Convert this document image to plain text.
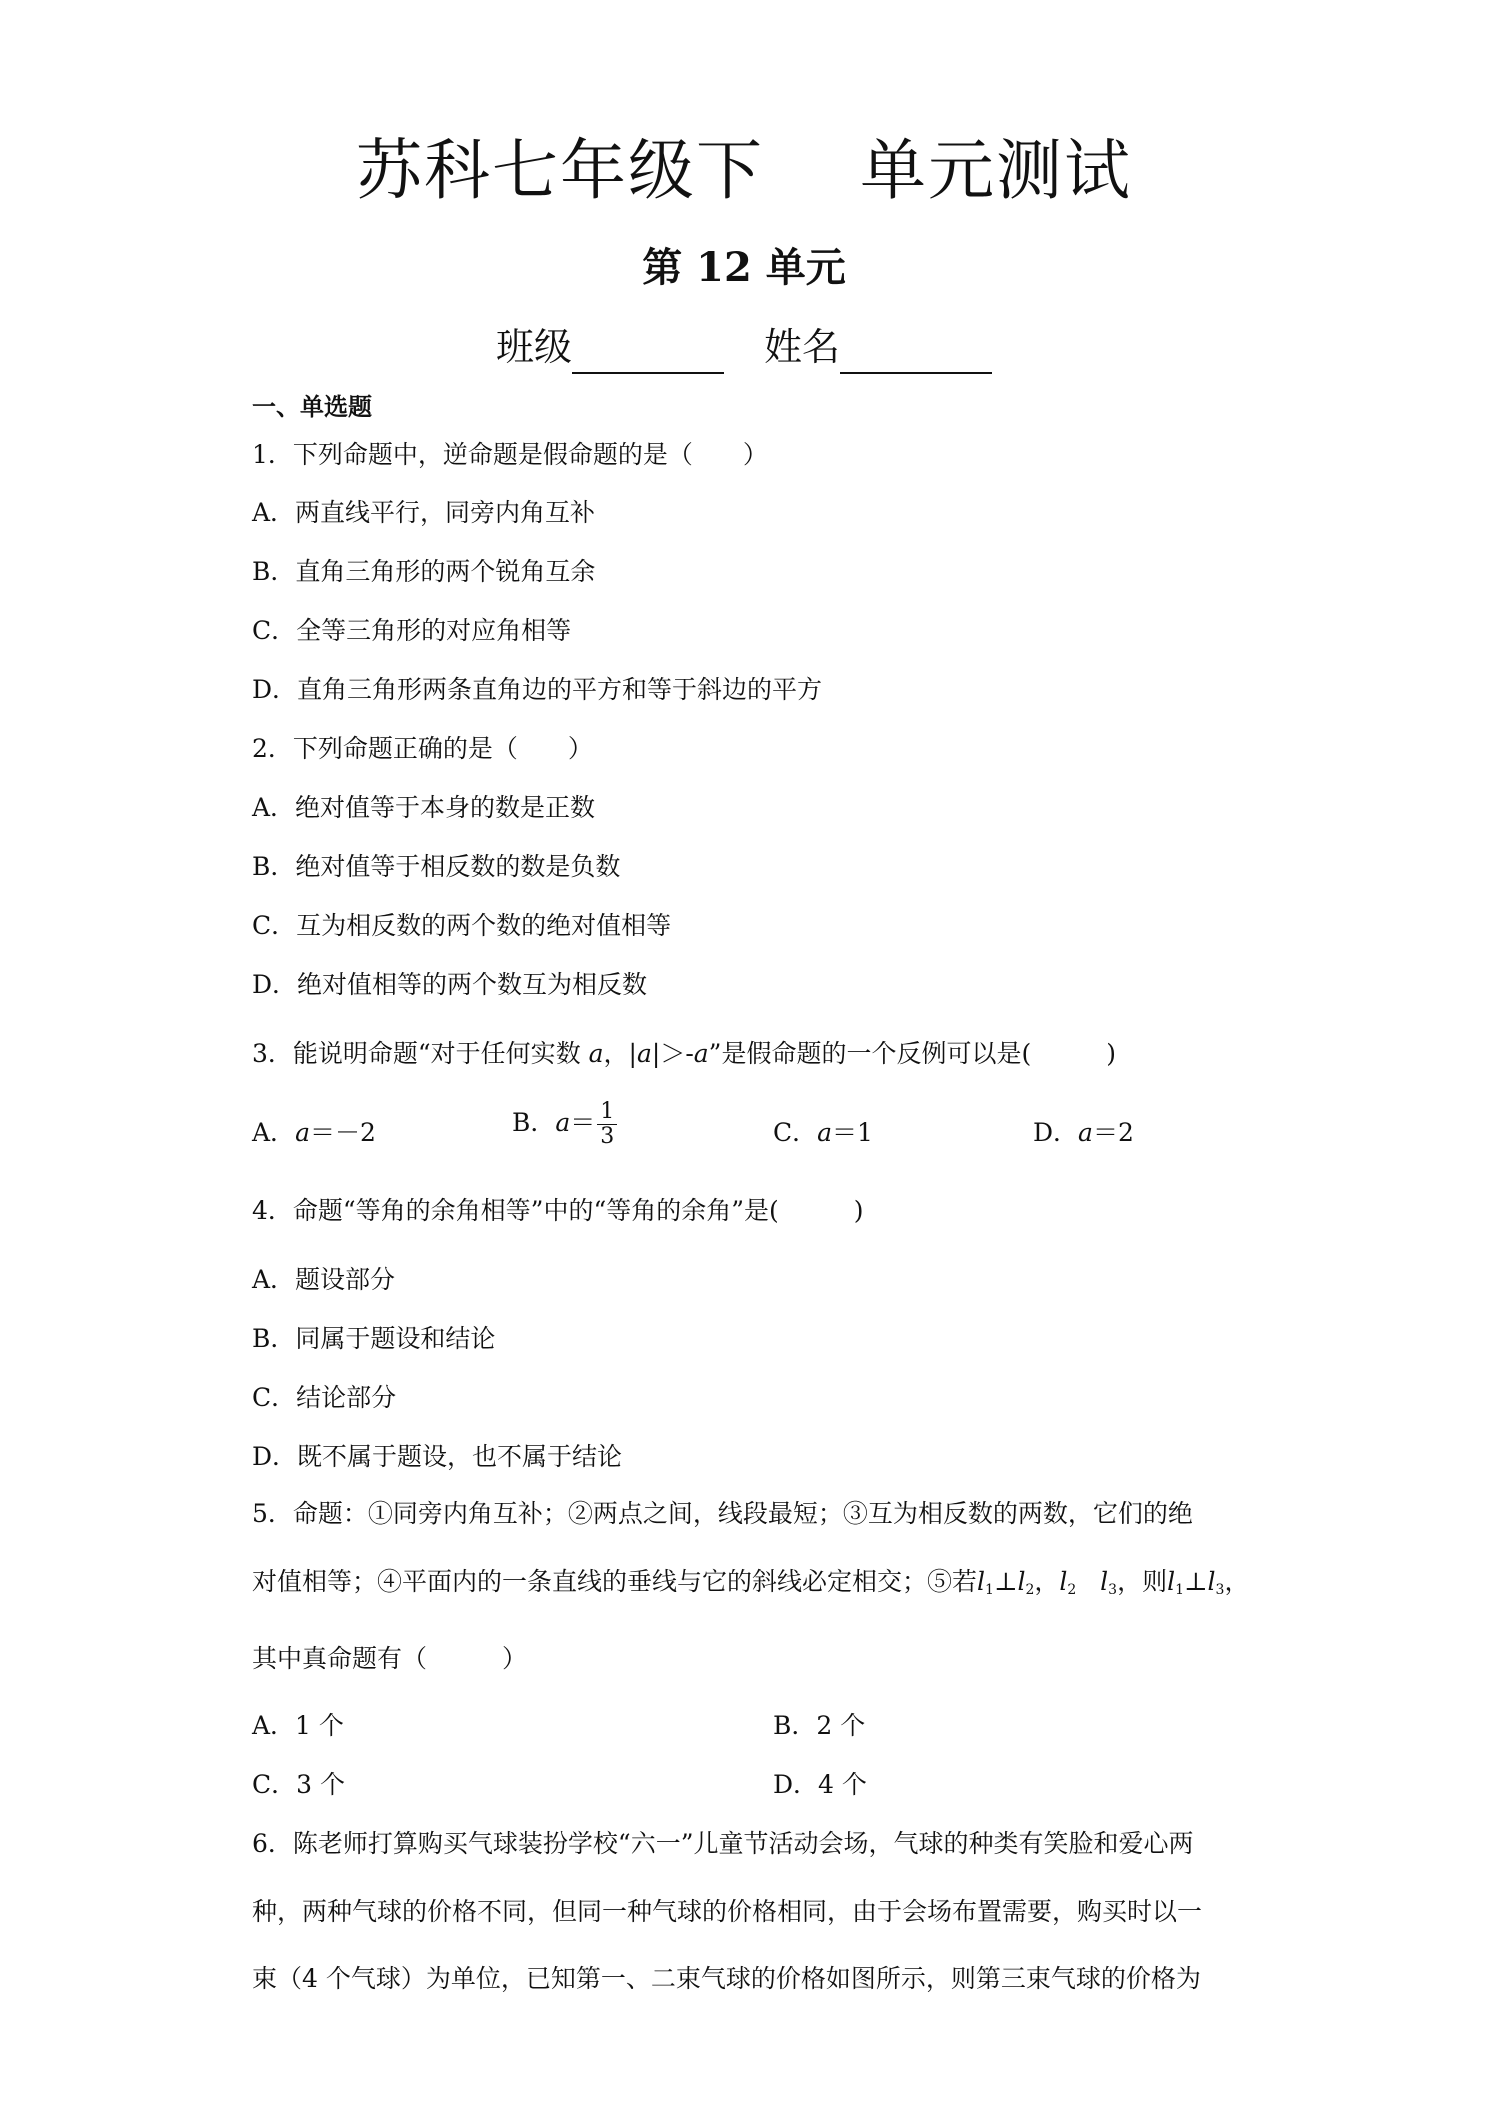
苏科七年级下 单元测试
第 12 单元
班级	姓名
一、单选题
1．下列命题中，逆命题是假命题的是（　　）
A．两直线平行，同旁内角互补
B．直角三角形的两个锐角互余
C．全等三角形的对应角相等
D．直角三角形两条直角边的平方和等于斜边的平方
2．下列命题正确的是（　　）
A．绝对值等于本身的数是正数
B．绝对值等于相反数的数是负数
C．互为相反数的两个数的绝对值相等
D．绝对值相等的两个数互为相反数
3．能说明命题“对于任何实数 a，|a|＞-a”是假命题的一个反例可以是(　　　)
A．a＝－2	B．$a= \frac{1}{3}$	C．a＝1	D．a＝2
4．命题“等角的余角相等”中的“等角的余角”是(　　　)
A．题设部分
B．同属于题设和结论
C．结论部分
D．既不属于题设，也不属于结论
5．命题：①同旁内角互补；②两点之间，线段最短；③互为相反数的两数，它们的绝
对值相等；④平面内的一条直线的垂线与它的斜线必定相交；⑤若$l_1\perp l_2$，$l_2$ $l_3$，则$l_1\perp l_3$，
其中真命题有（　　　）
A．1 个	B．2 个
C．3 个	D．4 个
6．陈老师打算购买气球装扮学校“六一”儿童节活动会场，气球的种类有笑脸和爱心两
种，两种气球的价格不同，但同一种气球的价格相同，由于会场布置需要，购买时以一
束（4 个气球）为单位，已知第一、二束气球的价格如图所示，则第三束气球的价格为
